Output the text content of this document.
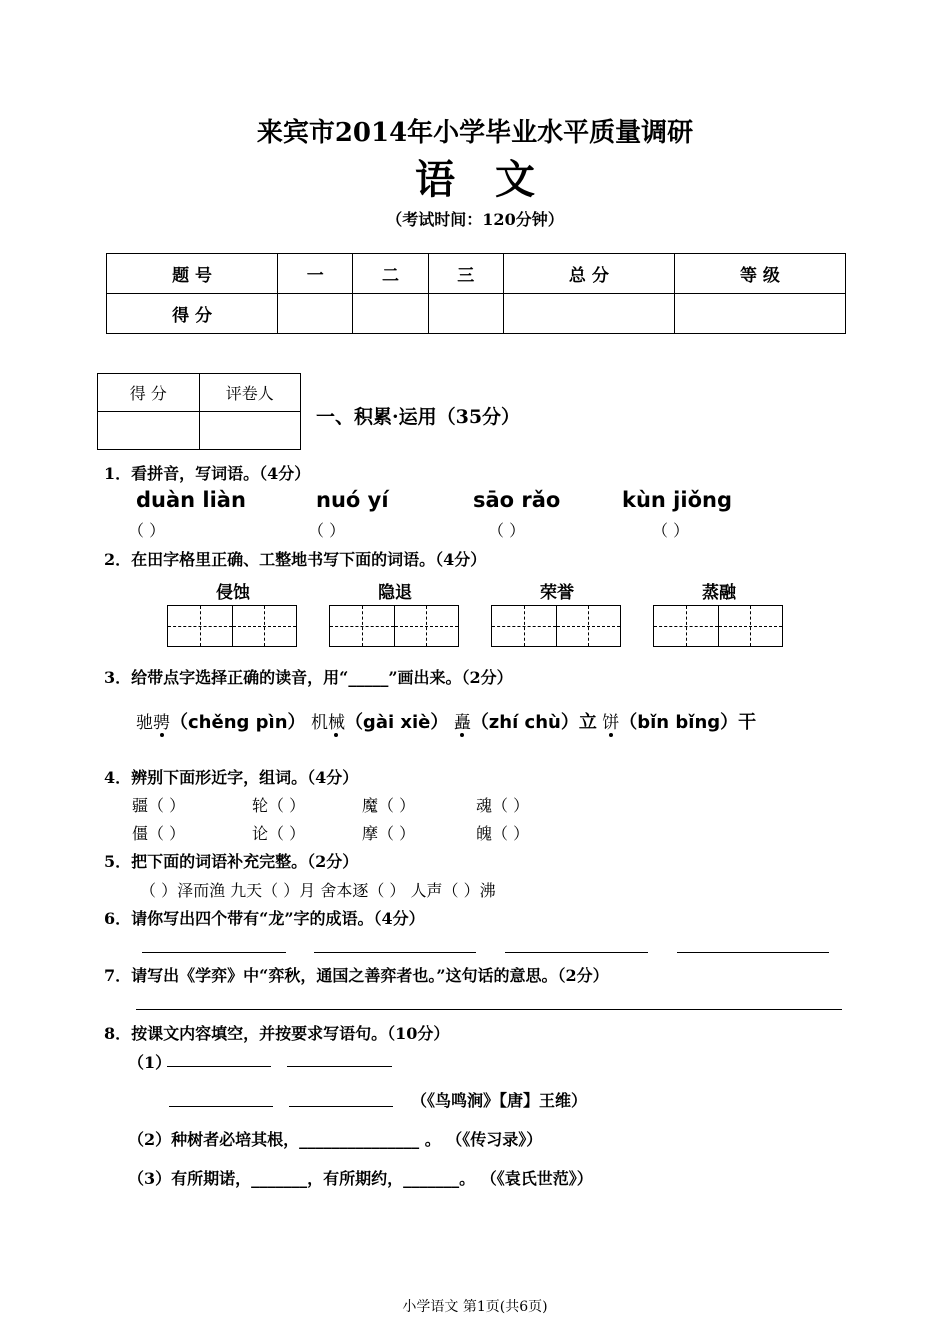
来宾市2014年小学毕业水平质量调研
语文
（考试时间：120分钟）
题 号	一	二	三	总 分	等 级
得 分					
得 分	评卷人

一、积累·运用（35分）
1．看拼音，写词语。（4分）
duàn liàn	nuó yí	sāo rǎo	kùn jiǒng
（ ）	（ ）	（ ）	（ ）
2．在田字格里正确、工整地书写下面的词语。（4分）
侵蚀	隐退	荣誉	蒸融
3．给带点字选择正确的读音，用“_____”画出来。（2分）
驰骋（chěng pìn） 机械（gài xiè） 矗（zhí chù）立 饼（bǐn bǐng）干
4．辨别下面形近字，组词。（4分）
疆（ ）	轮（ ）	魔（ ）	魂（ ）
僵（ ）	论（ ）	摩（ ）	魄（ ）
5．把下面的词语补充完整。（2分）
（ ）泽而渔 九天（ ）月 舍本逐（ ） 人声（ ）沸
6．请你写出四个带有“龙”字的成语。（4分）
7．请写出《学弈》中“弈秋，通国之善弈者也。”这句话的意思。（2分）
8．按课文内容填空，并按要求写语句。（10分）
（1）
（《鸟鸣涧》【唐】王维）
（2）种树者必培其根，_______________ 。 （《传习录》）
（3）有所期诺，_______，有所期约，_______。 （《袁氏世范》）
小学语文 第1页(共6页)
